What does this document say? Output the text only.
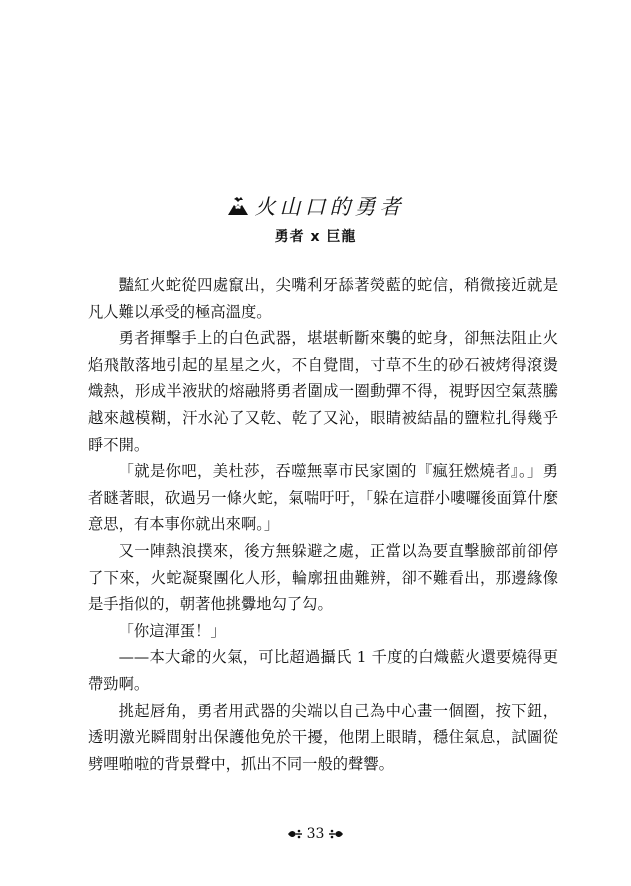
火山口的勇者
勇者 x 巨龍

豔紅火蛇從四處竄出，尖嘴利牙舔著熒藍的蛇信，稍微接近就是凡人難以承受的極高溫度。

勇者揮擊手上的白色武器，堪堪斬斷來襲的蛇身，卻無法阻止火焰飛散落地引起的星星之火，不自覺間，寸草不生的砂石被烤得滾燙熾熱，形成半液狀的熔融將勇者圍成一圈動彈不得，視野因空氣蒸騰越來越模糊，汗水沁了又乾、乾了又沁，眼睛被結晶的鹽粒扎得幾乎睜不開。

「就是你吧，美杜莎，吞噬無辜市民家園的『瘋狂燃燒者』。」勇者瞇著眼，砍過另一條火蛇，氣喘吁吁，「躲在這群小嘍囉後面算什麼意思，有本事你就出來啊。」

又一陣熱浪撲來，後方無躲避之處，正當以為要直擊臉部前卻停了下來，火蛇凝聚團化人形，輪廓扭曲難辨，卻不難看出，那邊緣像是手指似的，朝著他挑釁地勾了勾。

「你這渾蛋！」

——本大爺的火氣，可比超過攝氏 1 千度的白熾藍火還要燒得更帶勁啊。

挑起唇角，勇者用武器的尖端以自己為中心畫一個圈，按下鈕，透明激光瞬間射出保護他免於干擾，他閉上眼睛，穩住氣息，試圖從劈哩啪啦的背景聲中，抓出不同一般的聲響。

33
